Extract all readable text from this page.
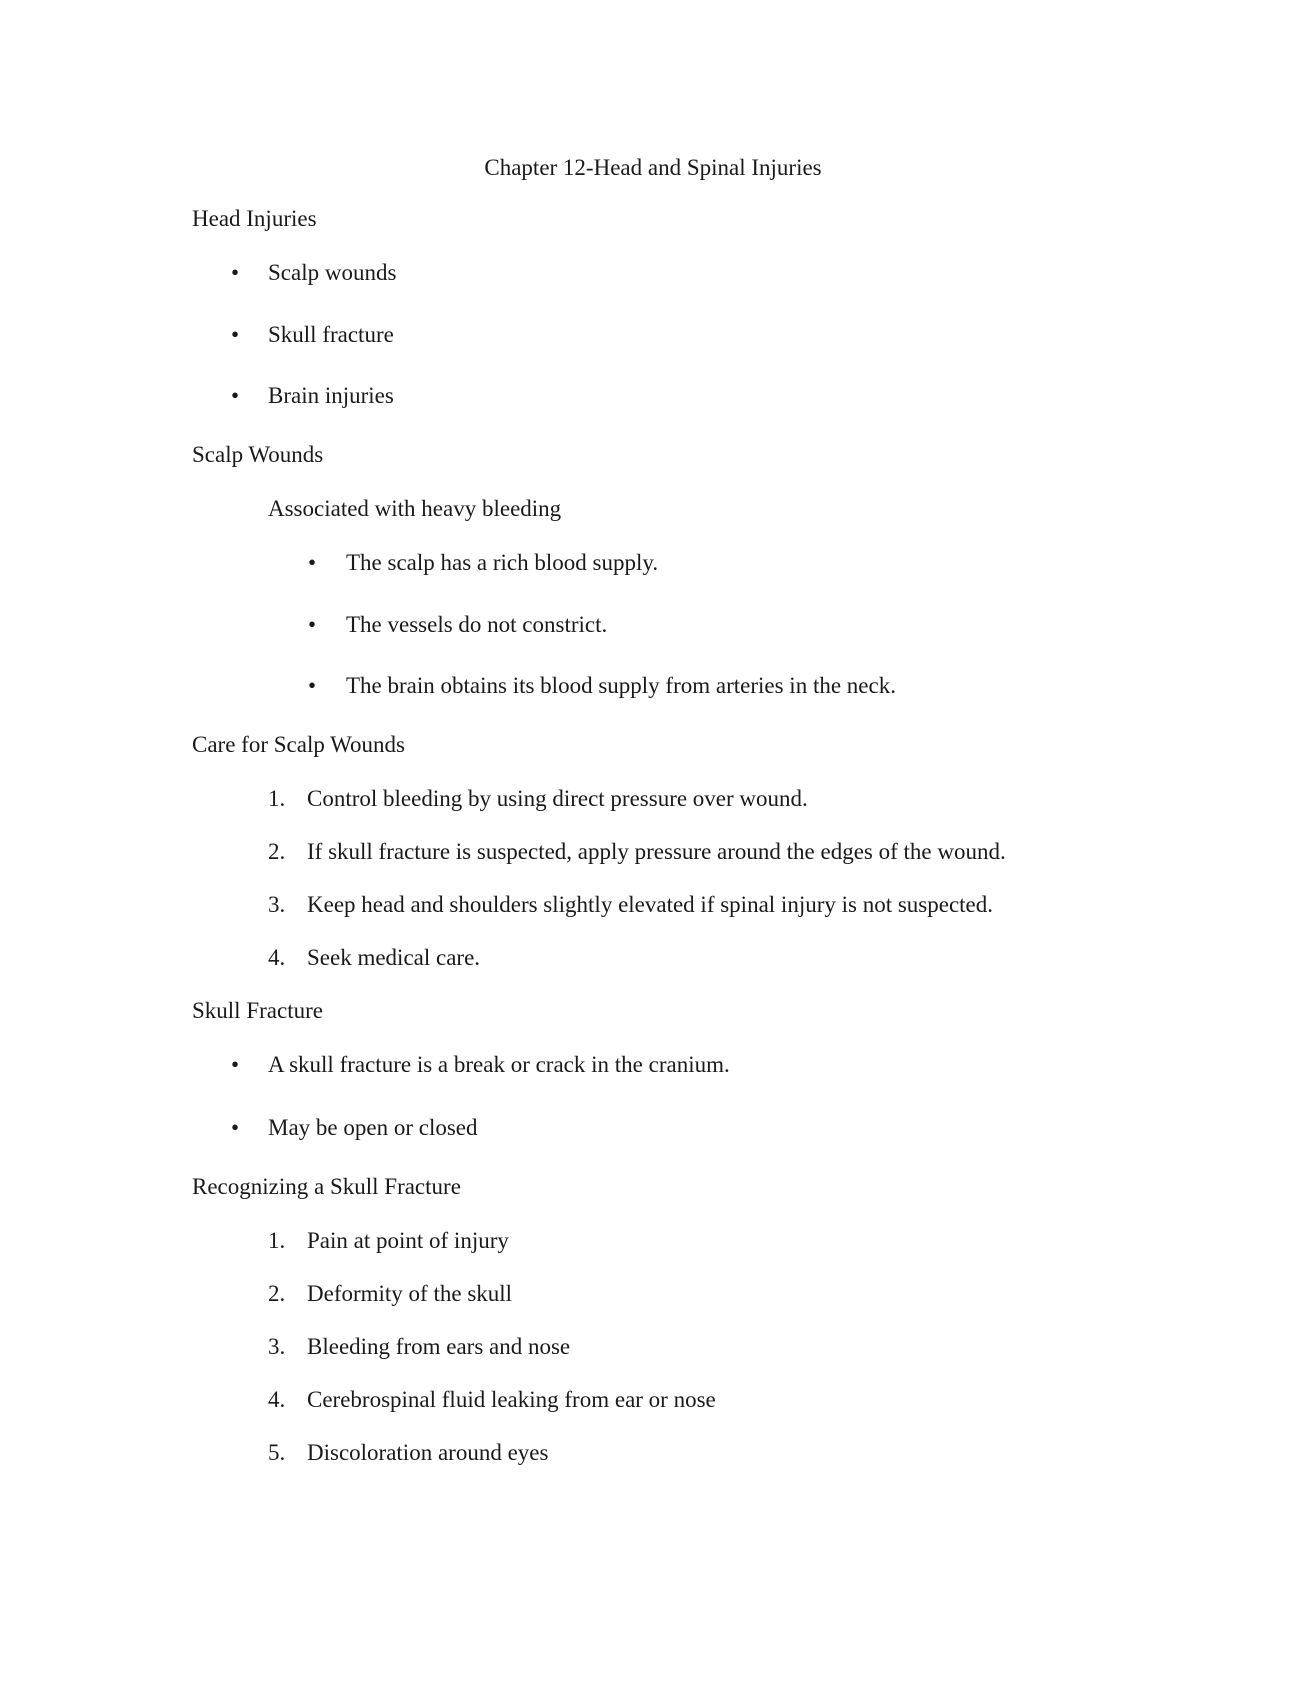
Chapter 12-Head and Spinal Injuries
Head Injuries
• Scalp wounds
• Skull fracture
• Brain injuries
Scalp Wounds
Associated with heavy bleeding
• The scalp has a rich blood supply.
• The vessels do not constrict.
• The brain obtains its blood supply from arteries in the neck.
Care for Scalp Wounds
1. Control bleeding by using direct pressure over wound.
2. If skull fracture is suspected, apply pressure around the edges of the wound.
3. Keep head and shoulders slightly elevated if spinal injury is not suspected.
4. Seek medical care.
Skull Fracture
• A skull fracture is a break or crack in the cranium.
• May be open or closed
Recognizing a Skull Fracture
1. Pain at point of injury
2. Deformity of the skull
3. Bleeding from ears and nose
4. Cerebrospinal fluid leaking from ear or nose
5. Discoloration around eyes
